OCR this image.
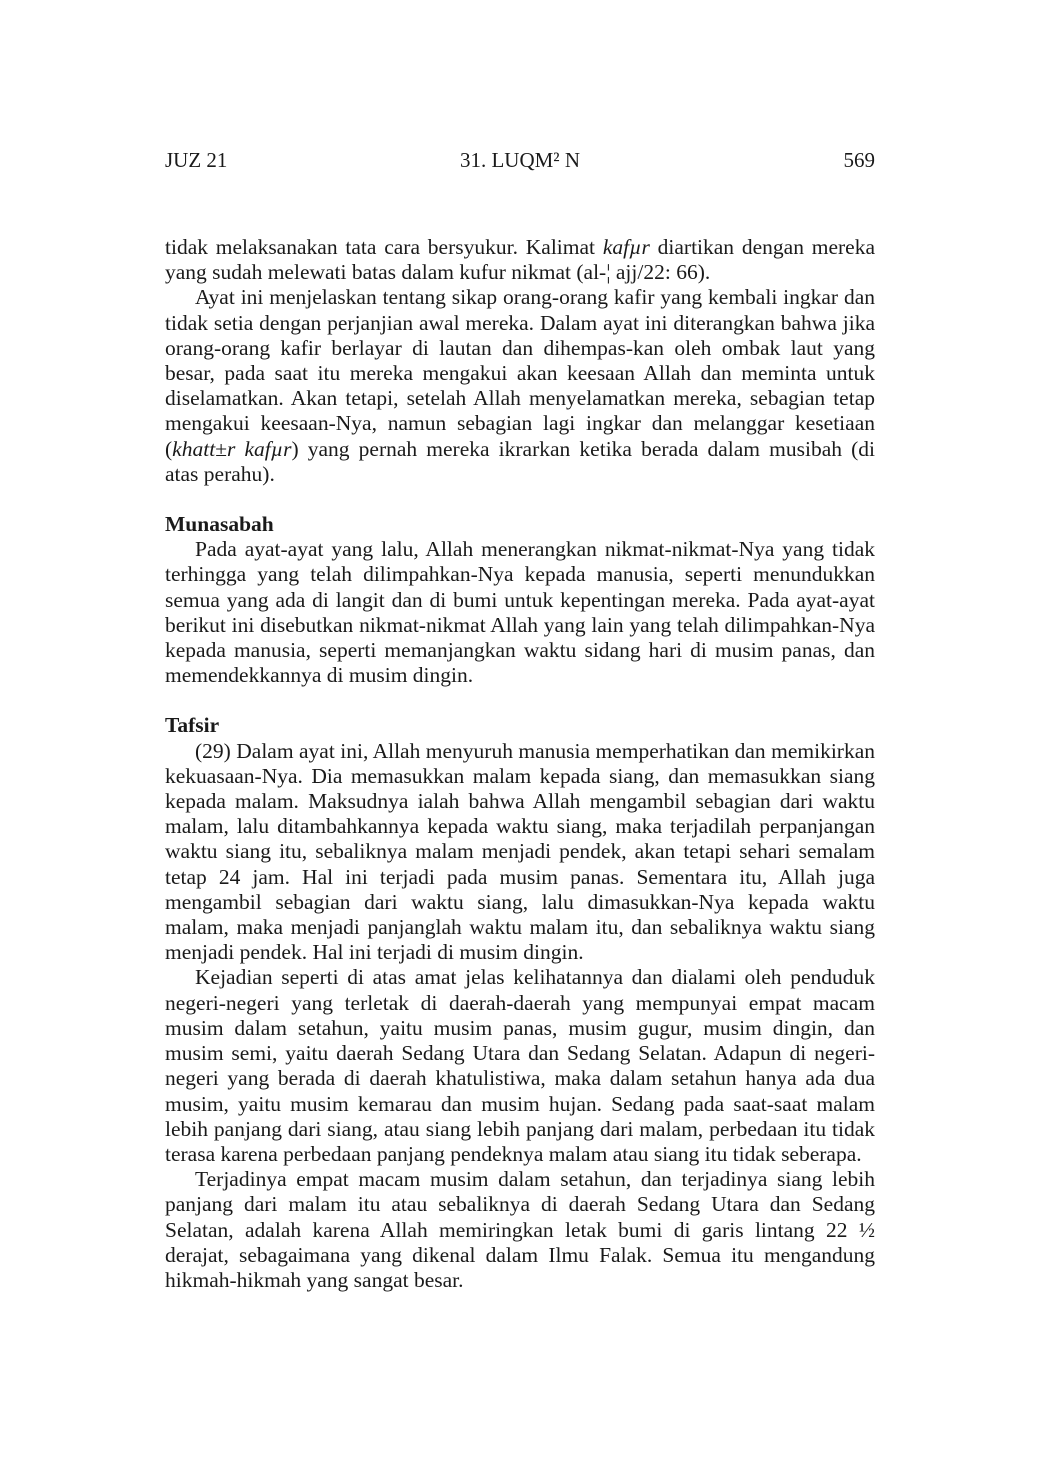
JUZ 21	31. LUQM² N	569

tidak melaksanakan tata cara bersyukur. Kalimat kafµr diartikan dengan mereka yang sudah melewati batas dalam kufur nikmat (al-¦ ajj/22: 66).

Ayat ini menjelaskan tentang sikap orang-orang kafir yang kembali ingkar dan tidak setia dengan perjanjian awal mereka. Dalam ayat ini diterangkan bahwa jika orang-orang kafir berlayar di lautan dan dihempas-kan oleh ombak laut yang besar, pada saat itu mereka mengakui akan keesaan Allah dan meminta untuk diselamatkan. Akan tetapi, setelah Allah menyelamatkan mereka, sebagian tetap mengakui keesaan-Nya, namun sebagian lagi ingkar dan melanggar kesetiaan (khatt±r kafµr) yang pernah mereka ikrarkan ketika berada dalam musibah (di atas perahu).

Munasabah

Pada ayat-ayat yang lalu, Allah menerangkan nikmat-nikmat-Nya yang tidak terhingga yang telah dilimpahkan-Nya kepada manusia, seperti menundukkan semua yang ada di langit dan di bumi untuk kepentingan mereka. Pada ayat-ayat berikut ini disebutkan nikmat-nikmat Allah yang lain yang telah dilimpahkan-Nya kepada manusia, seperti memanjangkan waktu sidang hari di musim panas, dan memendekkannya di musim dingin.

Tafsir

(29) Dalam ayat ini, Allah menyuruh manusia memperhatikan dan memikirkan kekuasaan-Nya. Dia memasukkan malam kepada siang, dan memasukkan siang kepada malam. Maksudnya ialah bahwa Allah mengambil sebagian dari waktu malam, lalu ditambahkannya kepada waktu siang, maka terjadilah perpanjangan waktu siang itu, sebaliknya malam menjadi pendek, akan tetapi sehari semalam tetap 24 jam. Hal ini terjadi pada musim panas. Sementara itu, Allah juga mengambil sebagian dari waktu siang, lalu dimasukkan-Nya kepada waktu malam, maka menjadi panjanglah waktu malam itu, dan sebaliknya waktu siang menjadi pendek. Hal ini terjadi di musim dingin.

Kejadian seperti di atas amat jelas kelihatannya dan dialami oleh penduduk negeri-negeri yang terletak di daerah-daerah yang mempunyai empat macam musim dalam setahun, yaitu musim panas, musim gugur, musim dingin, dan musim semi, yaitu daerah Sedang Utara dan Sedang Selatan. Adapun di negeri-negeri yang berada di daerah khatulistiwa, maka dalam setahun hanya ada dua musim, yaitu musim kemarau dan musim hujan. Sedang pada saat-saat malam lebih panjang dari siang, atau siang lebih panjang dari malam, perbedaan itu tidak terasa karena perbedaan panjang pendeknya malam atau siang itu tidak seberapa.

Terjadinya empat macam musim dalam setahun, dan terjadinya siang lebih panjang dari malam itu atau sebaliknya di daerah Sedang Utara dan Sedang Selatan, adalah karena Allah memiringkan letak bumi di garis lintang 22 ½ derajat, sebagaimana yang dikenal dalam Ilmu Falak. Semua itu mengandung hikmah-hikmah yang sangat besar.
